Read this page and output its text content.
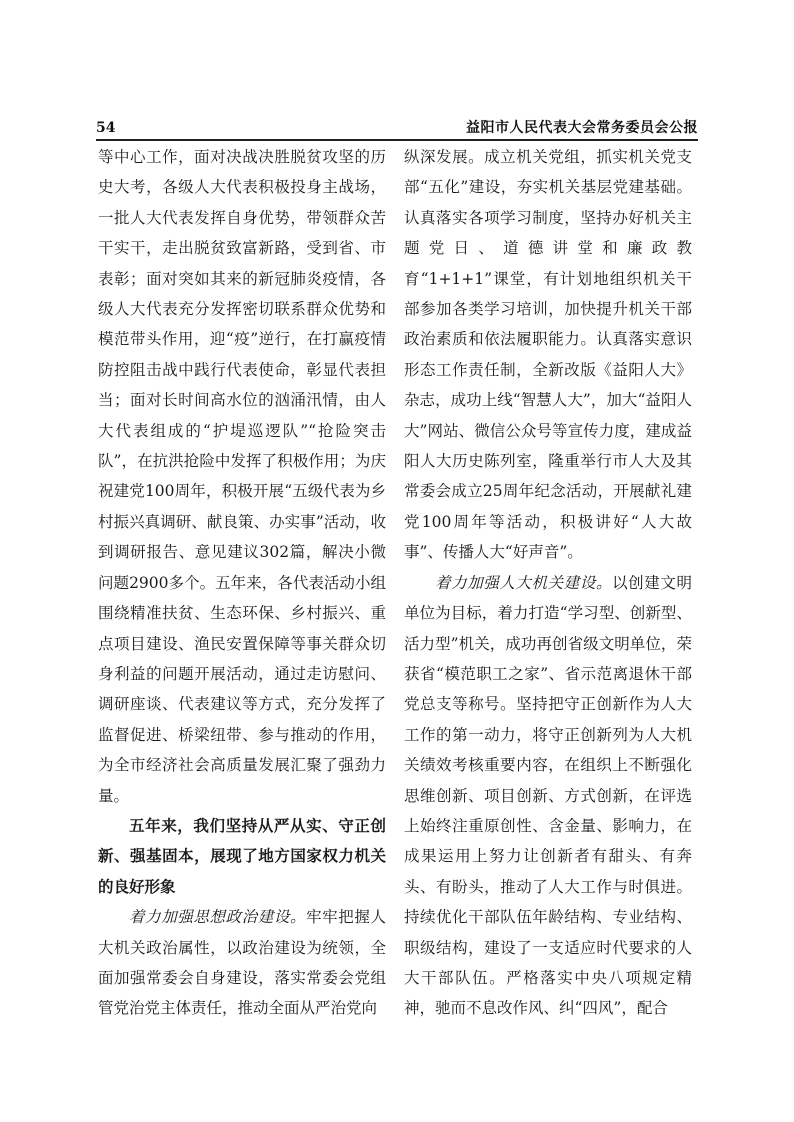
54	益阳市人民代表大会常务委员会公报

等中心工作，面对决战决胜脱贫攻坚的历史大考，各级人大代表积极投身主战场，一批人大代表发挥自身优势，带领群众苦干实干，走出脱贫致富新路，受到省、市表彰；面对突如其来的新冠肺炎疫情，各级人大代表充分发挥密切联系群众优势和模范带头作用，迎“疫”逆行，在打赢疫情防控阻击战中践行代表使命，彰显代表担当；面对长时间高水位的汹涌汛情，由人大代表组成的“护堤巡逻队”“抢险突击队”，在抗洪抢险中发挥了积极作用；为庆祝建党100周年，积极开展“五级代表为乡村振兴真调研、献良策、办实事”活动，收到调研报告、意见建议302篇，解决小微问题2900多个。五年来，各代表活动小组围绕精准扶贫、生态环保、乡村振兴、重点项目建设、渔民安置保障等事关群众切身利益的问题开展活动，通过走访慰问、调研座谈、代表建议等方式，充分发挥了监督促进、桥梁纽带、参与推动的作用，为全市经济社会高质量发展汇聚了强劲力量。

五年来，我们坚持从严从实、守正创新、强基固本，展现了地方国家权力机关的良好形象

着力加强思想政治建设。牢牢把握人大机关政治属性，以政治建设为统领，全面加强常委会自身建设，落实常委会党组管党治党主体责任，推动全面从严治党向

纵深发展。成立机关党组，抓实机关党支部“五化”建设，夯实机关基层党建基础。认真落实各项学习制度，坚持办好机关主题党日、道德讲堂和廉政教育“1+1+1”课堂，有计划地组织机关干部参加各类学习培训，加快提升机关干部政治素质和依法履职能力。认真落实意识形态工作责任制，全新改版《益阳人大》杂志，成功上线“智慧人大”，加大“益阳人大”网站、微信公众号等宣传力度，建成益阳人大历史陈列室，隆重举行市人大及其常委会成立25周年纪念活动，开展献礼建党100周年等活动，积极讲好“人大故事”、传播人大“好声音”。

着力加强人大机关建设。以创建文明单位为目标，着力打造“学习型、创新型、活力型”机关，成功再创省级文明单位，荣获省“模范职工之家”、省示范离退休干部党总支等称号。坚持把守正创新作为人大工作的第一动力，将守正创新列为人大机关绩效考核重要内容，在组织上不断强化思维创新、项目创新、方式创新，在评选上始终注重原创性、含金量、影响力，在成果运用上努力让创新者有甜头、有奔头、有盼头，推动了人大工作与时俱进。持续优化干部队伍年龄结构、专业结构、职级结构，建设了一支适应时代要求的人大干部队伍。严格落实中央八项规定精神，驰而不息改作风、纠“四风”，配合
